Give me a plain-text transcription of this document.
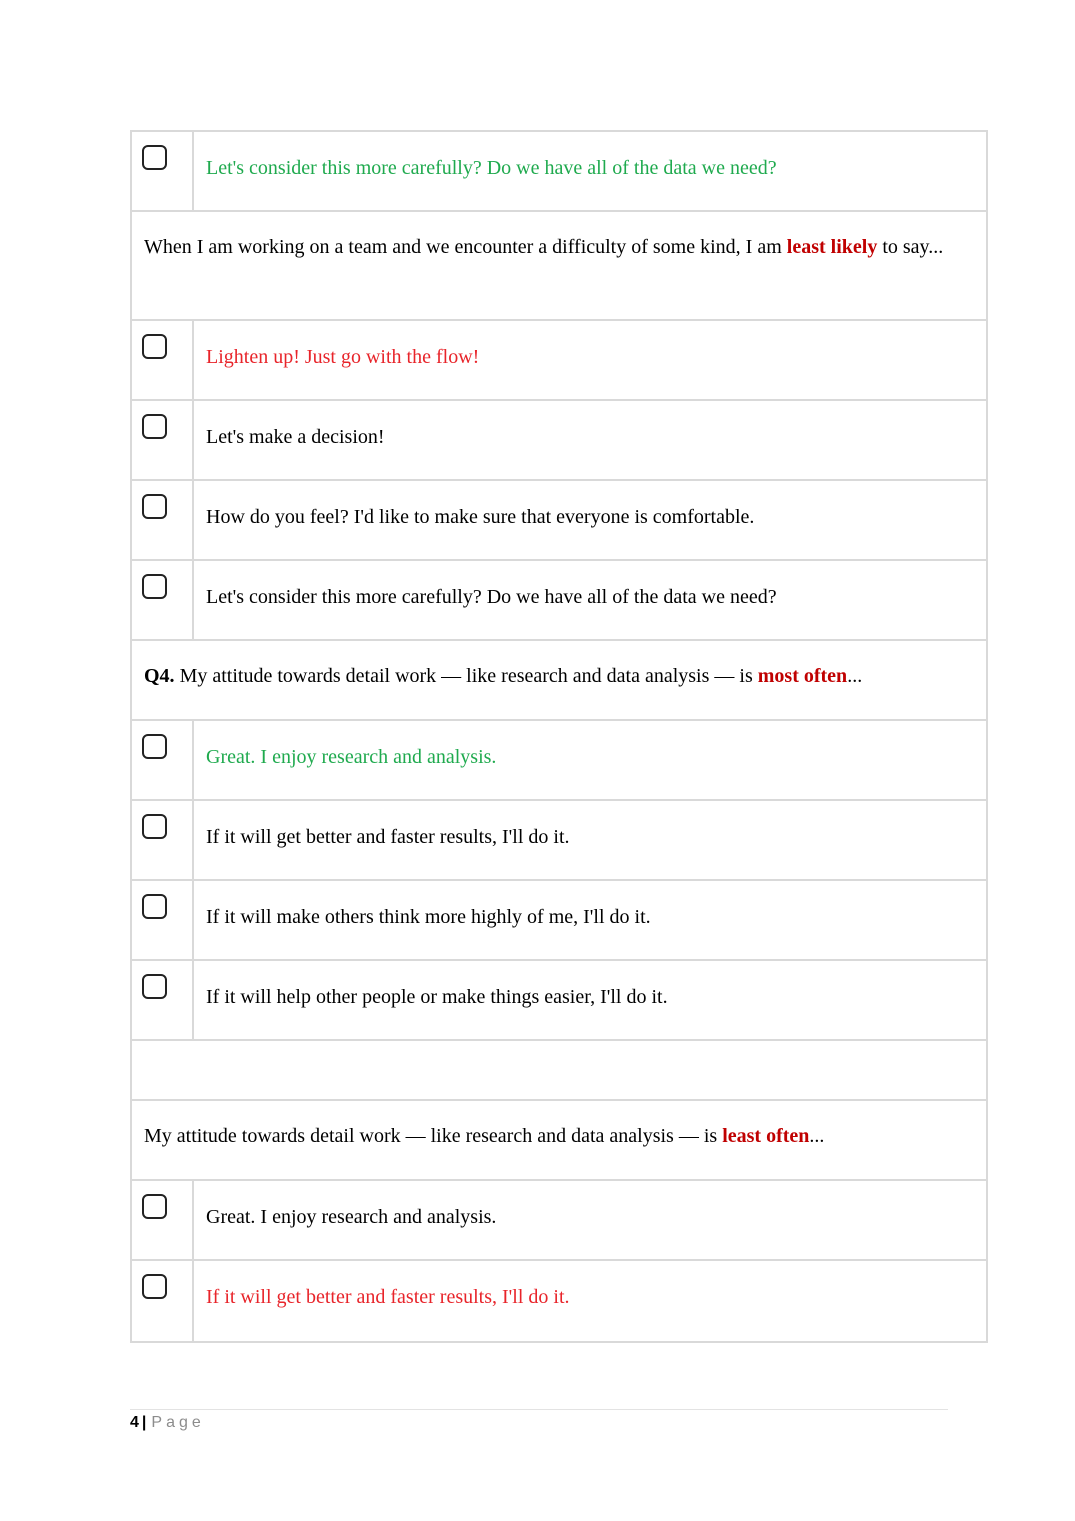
Let's consider this more carefully? Do we have all of the data we need?
When I am working on a team and we encounter a difficulty of some kind, I am least likely to say...
Lighten up! Just go with the flow!
Let's make a decision!
How do you feel? I'd like to make sure that everyone is comfortable.
Let's consider this more carefully? Do we have all of the data we need?
Q4. My attitude towards detail work — like research and data analysis — is most often...
Great. I enjoy research and analysis.
If it will get better and faster results, I'll do it.
If it will make others think more highly of me, I'll do it.
If it will help other people or make things easier, I'll do it.
My attitude towards detail work — like research and data analysis — is least often...
Great. I enjoy research and analysis.
If it will get better and faster results, I'll do it.
4 | Page
